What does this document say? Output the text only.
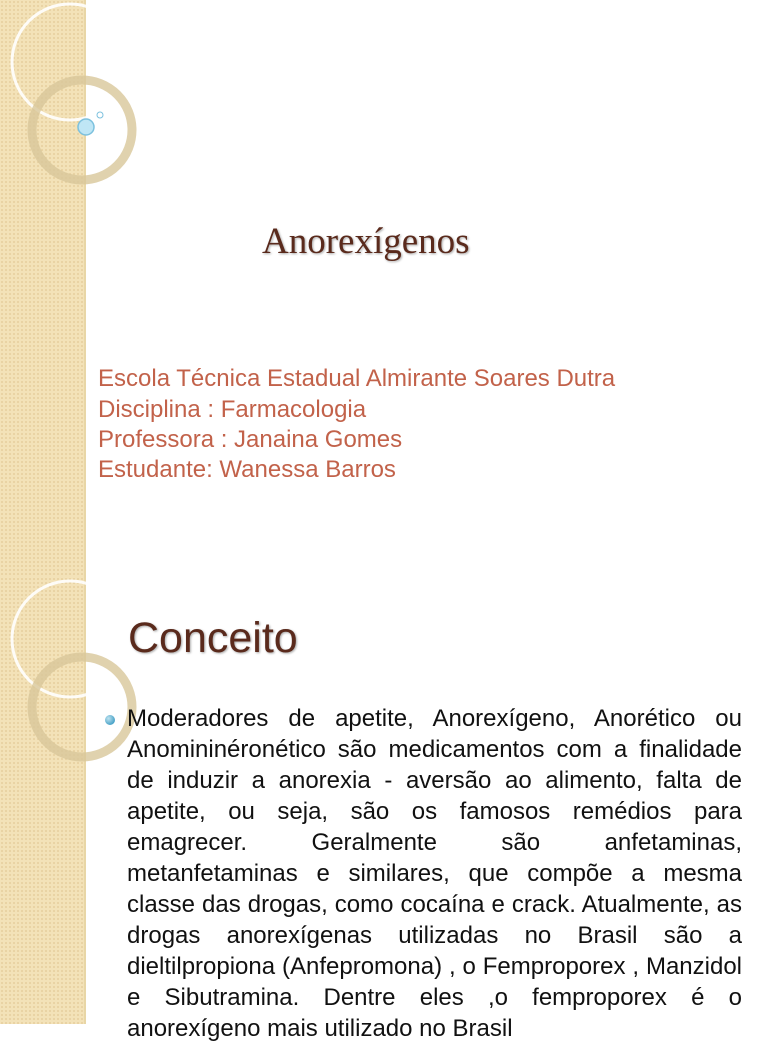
Anorexígenos
Escola Técnica Estadual Almirante Soares Dutra
Disciplina : Farmacologia
Professora : Janaina Gomes
Estudante: Wanessa Barros
Conceito
Moderadores de apetite, Anorexígeno, Anorético ou Anomininéronético são medicamentos com a finalidade de induzir a anorexia - aversão ao alimento, falta de apetite, ou seja, são os famosos remédios para emagrecer. Geralmente são anfetaminas, metanfetaminas e similares, que compõe a mesma classe das drogas, como cocaína e crack. Atualmente, as drogas anorexígenas utilizadas no Brasil são a dieltilpropiona (Anfepromona) , o Femproporex , Manzidol e Sibutramina. Dentre eles ,o femproporex é o anorexígeno mais utilizado no Brasil
